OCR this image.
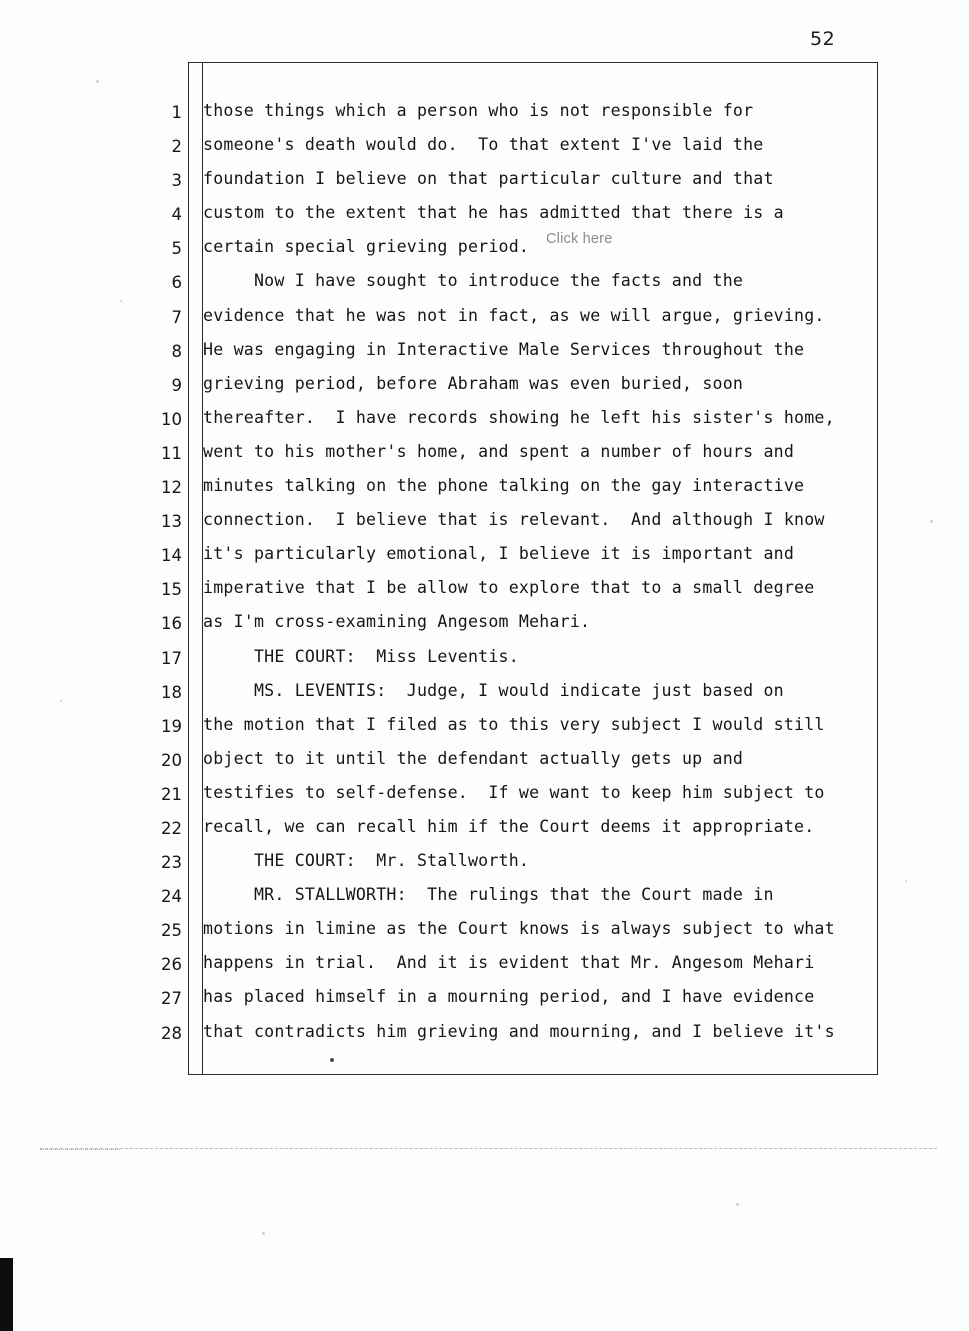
52
1
2
3
4
5
6
7
8
9
10
11
12
13
14
15
16
17
18
19
20
21
22
23
24
25
26
27
28
those things which a person who is not responsible for
someone's death would do.  To that extent I've laid the
foundation I believe on that particular culture and that
custom to the extent that he has admitted that there is a
certain special grieving period.
Now I have sought to introduce the facts and the
evidence that he was not in fact, as we will argue, grieving.
He was engaging in Interactive Male Services throughout the
grieving period, before Abraham was even buried, soon
thereafter.  I have records showing he left his sister's home,
went to his mother's home, and spent a number of hours and
minutes talking on the phone talking on the gay interactive
connection.  I believe that is relevant.  And although I know
it's particularly emotional, I believe it is important and
imperative that I be allow to explore that to a small degree
as I'm cross-examining Angesom Mehari.
THE COURT:  Miss Leventis.
MS. LEVENTIS:  Judge, I would indicate just based on
the motion that I filed as to this very subject I would still
object to it until the defendant actually gets up and
testifies to self-defense.  If we want to keep him subject to
recall, we can recall him if the Court deems it appropriate.
THE COURT:  Mr. Stallworth.
MR. STALLWORTH:  The rulings that the Court made in
motions in limine as the Court knows is always subject to what
happens in trial.  And it is evident that Mr. Angesom Mehari
has placed himself in a mourning period, and I have evidence
that contradicts him grieving and mourning, and I believe it's
Click here
